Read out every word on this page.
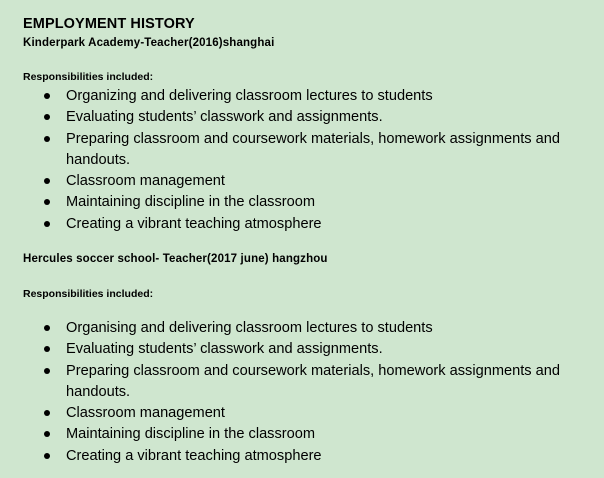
EMPLOYMENT HISTORY
Kinderpark Academy-Teacher(2016)shanghai
Responsibilities included:
Organizing and delivering classroom lectures to students
Evaluating students’ classwork and assignments.
Preparing classroom and coursework materials, homework assignments and handouts.
Classroom management
Maintaining discipline in the classroom
Creating a vibrant teaching atmosphere
Hercules soccer school- Teacher(2017 june) hangzhou
Responsibilities included:
Organising and delivering classroom lectures to students
Evaluating students’ classwork and assignments.
Preparing classroom and coursework materials, homework assignments and handouts.
Classroom management
Maintaining discipline in the classroom
Creating a vibrant teaching atmosphere
